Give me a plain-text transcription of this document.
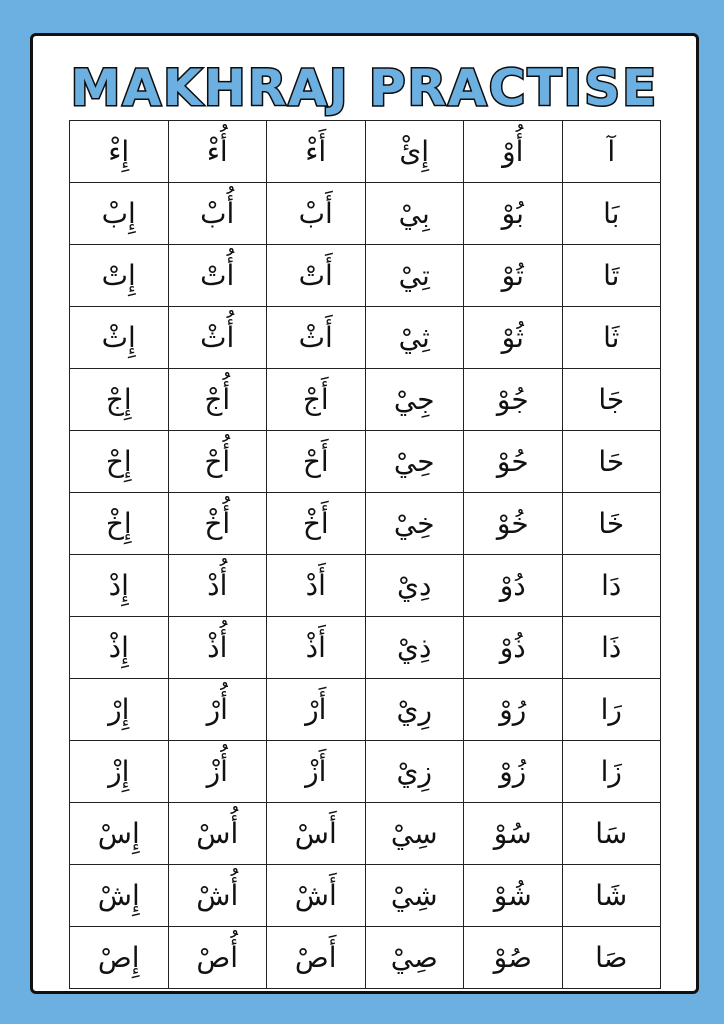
MAKHRAJ PRACTISE
إِءْ	أُءْ	أَءْ	إِئْ	أُوْ	آ
إِبْ	أُبْ	أَبْ	بِيْ	بُوْ	بَا
إِتْ	أُتْ	أَتْ	تِيْ	تُوْ	تَا
إِثْ	أُثْ	أَثْ	ثِيْ	ثُوْ	ثَا
إِجْ	أُجْ	أَجْ	جِيْ	جُوْ	جَا
إِحْ	أُحْ	أَحْ	حِيْ	حُوْ	حَا
إِخْ	أُخْ	أَخْ	خِيْ	خُوْ	خَا
إِدْ	أُدْ	أَدْ	دِيْ	دُوْ	دَا
إِذْ	أُذْ	أَذْ	ذِيْ	ذُوْ	ذَا
إِرْ	أُرْ	أَرْ	رِيْ	رُوْ	رَا
إِزْ	أُزْ	أَزْ	زِيْ	زُوْ	زَا
إِسْ	أُسْ	أَسْ	سِيْ	سُوْ	سَا
إِشْ	أُشْ	أَشْ	شِيْ	شُوْ	شَا
إِصْ	أُصْ	أَصْ	صِيْ	صُوْ	صَا
